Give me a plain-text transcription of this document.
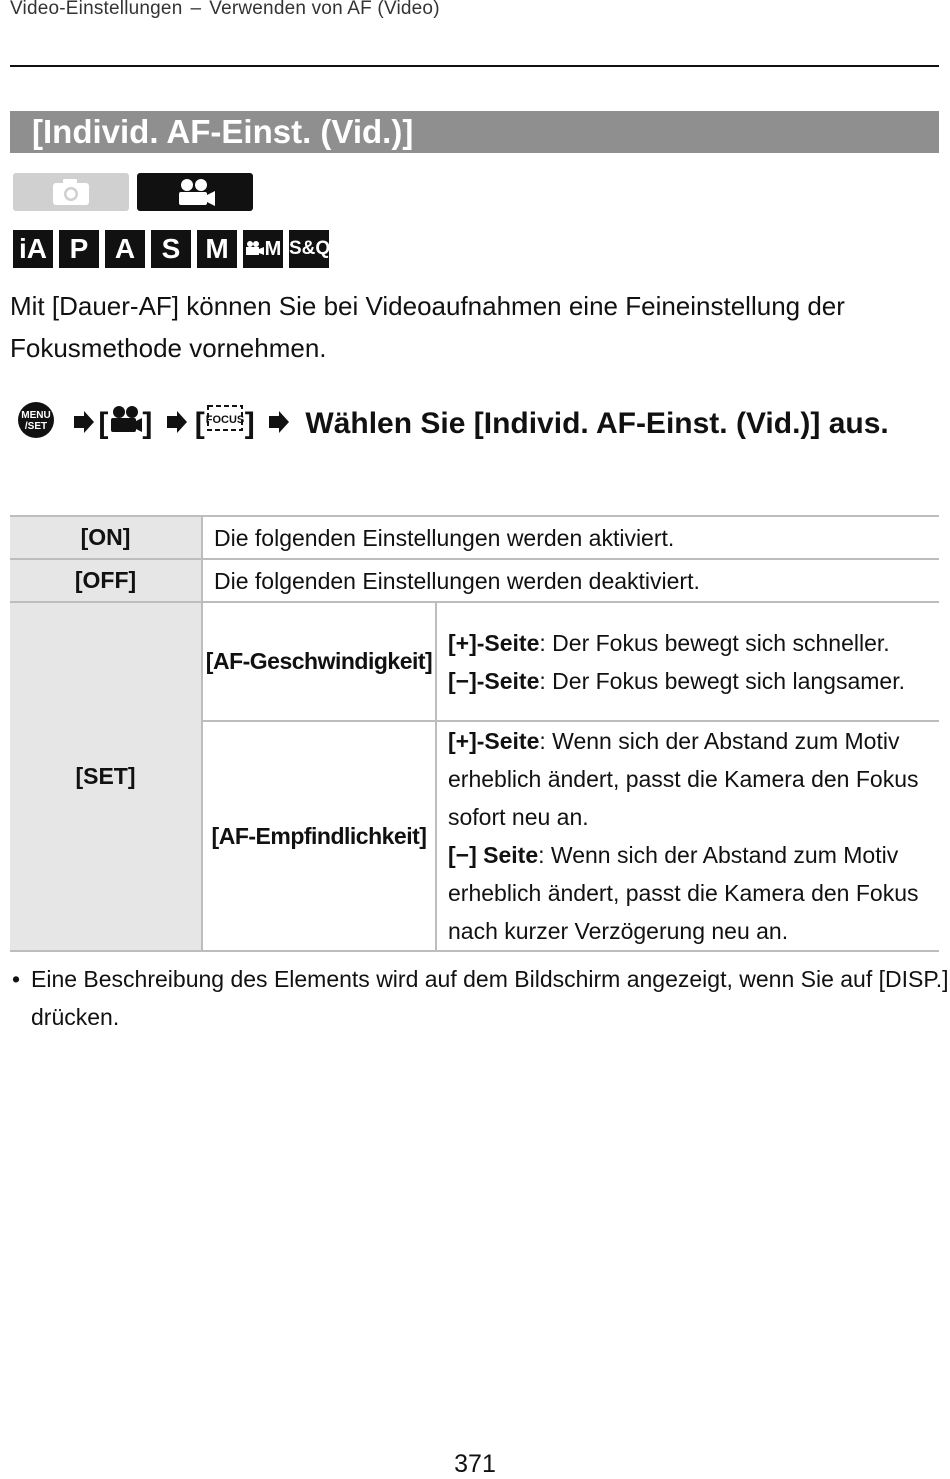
Video-Einstellungen – Verwenden von AF (Video)
[Individ. AF-Einst. (Vid.)]
iA P A S M	M S&Q
Mit [Dauer-AF] können Sie bei Videoaufnahmen eine Feineinstellung der Fokusmethode vornehmen.
MENU
/SET [ ] [ FOCUS ] Wählen Sie [Individ. AF-Einst. (Vid.)] aus.
[ON]	Die folgenden Einstellungen werden aktiviert.	
[OFF]	Die folgenden Einstellungen werden deaktiviert.	
[SET]	[AF-Geschwindigkeit]	[+]-Seite: Der Fokus bewegt sich schneller.
[−]-Seite: Der Fokus bewegt sich langsamer.

	[AF-Empfindlichkeit]	[+]-Seite: Wenn sich der Abstand zum Motiv erheblich ändert, passt die Kamera den Fokus sofort neu an.
[−] Seite: Wenn sich der Abstand zum Motiv erheblich ändert, passt die Kamera den Fokus nach kurzer Verzögerung neu an.
• Eine Beschreibung des Elements wird auf dem Bildschirm angezeigt, wenn Sie auf [DISP.] drücken.
371
